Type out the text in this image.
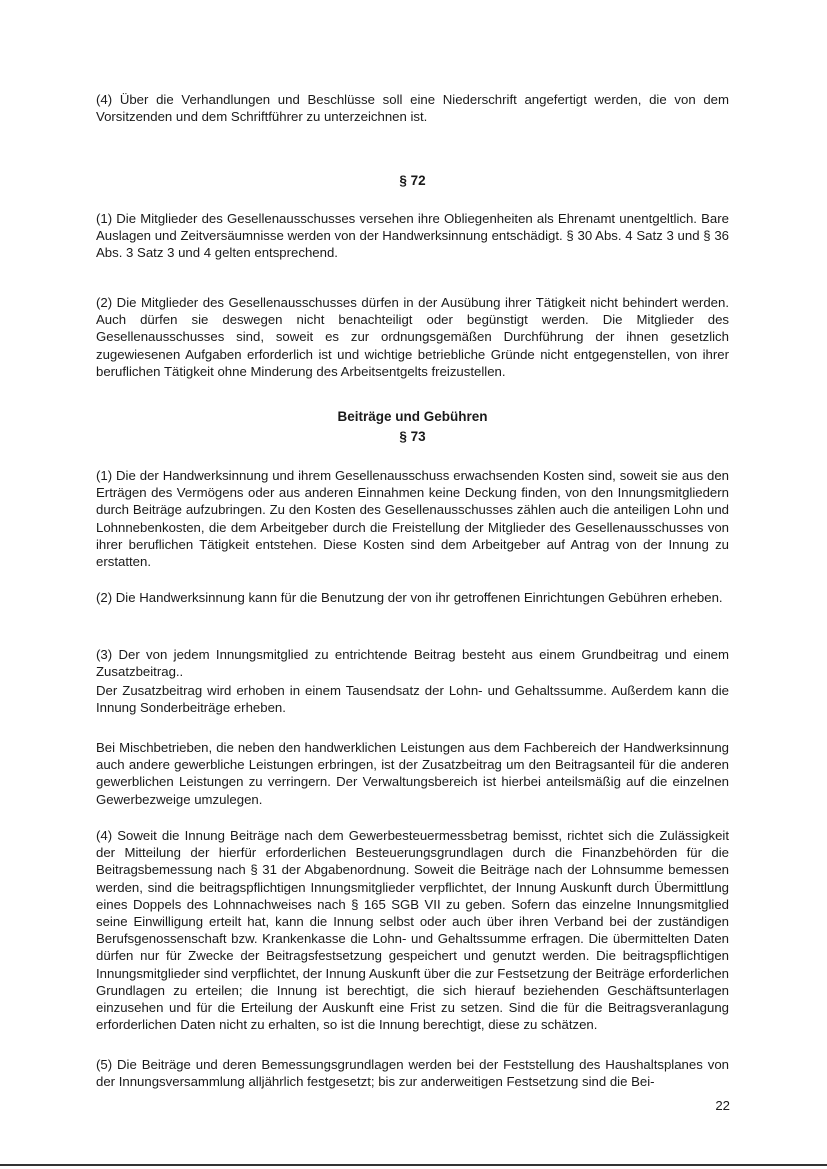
(4) Über die Verhandlungen und Beschlüsse soll eine Niederschrift angefertigt werden, die von dem Vorsitzenden und dem Schriftführer zu unterzeichnen ist.

§ 72

(1) Die Mitglieder des Gesellenausschusses versehen ihre Obliegenheiten als Ehrenamt unentgeltlich. Bare Auslagen und Zeitversäumnisse werden von der Handwerksinnung entschädigt. § 30 Abs. 4 Satz 3 und § 36 Abs. 3 Satz 3 und 4 gelten entsprechend.

(2) Die Mitglieder des Gesellenausschusses dürfen in der Ausübung ihrer Tätigkeit nicht behindert werden. Auch dürfen sie deswegen nicht benachteiligt oder begünstigt werden. Die Mitglieder des Gesellenausschusses sind, soweit es zur ordnungsgemäßen Durchführung der ihnen gesetzlich zugewiesenen Aufgaben erforderlich ist und wichtige betriebliche Gründe nicht entgegenstellen, von ihrer beruflichen Tätigkeit ohne Minderung des Arbeitsentgelts freizustellen.

Beiträge und Gebühren

§ 73

(1) Die der Handwerksinnung und ihrem Gesellenausschuss erwachsenden Kosten sind, soweit sie aus den Erträgen des Vermögens oder aus anderen Einnahmen keine Deckung finden, von den Innungsmitgliedern durch Beiträge aufzubringen. Zu den Kosten des Gesellenausschusses zählen auch die anteiligen Lohn und Lohnnebenkosten, die dem Arbeitgeber durch die Freistellung der Mitglieder des Gesellenausschusses von ihrer beruflichen Tätigkeit entstehen. Diese Kosten sind dem Arbeitgeber auf Antrag von der Innung zu erstatten.

(2) Die Handwerksinnung kann für die Benutzung der von ihr getroffenen Einrichtungen Gebühren erheben.

(3) Der von jedem Innungsmitglied zu entrichtende Beitrag besteht aus einem Grundbeitrag und einem Zusatzbeitrag..

Der Zusatzbeitrag wird erhoben in einem Tausendsatz der Lohn- und Gehaltssumme. Außerdem kann die Innung Sonderbeiträge erheben.

Bei Mischbetrieben, die neben den handwerklichen Leistungen aus dem Fachbereich der Handwerksinnung auch andere gewerbliche Leistungen erbringen, ist der Zusatzbeitrag um den Beitragsanteil für die anderen gewerblichen Leistungen zu verringern. Der Verwaltungsbereich ist hierbei anteilsmäßig auf die einzelnen Gewerbezweige umzulegen.

(4) Soweit die Innung Beiträge nach dem Gewerbesteuermessbetrag bemisst, richtet sich die Zulässigkeit der Mitteilung der hierfür erforderlichen Besteuerungsgrundlagen durch die Finanzbehörden für die Beitragsbemessung nach § 31 der Abgabenordnung. Soweit die Beiträge nach der Lohnsumme bemessen werden, sind die beitragspflichtigen Innungsmitglieder verpflichtet, der Innung Auskunft durch Übermittlung eines Doppels des Lohnnachweises nach § 165 SGB VII zu geben. Sofern das einzelne Innungsmitglied seine Einwilligung erteilt hat, kann die Innung selbst oder auch über ihren Verband bei der zuständigen Berufsgenossenschaft bzw. Krankenkasse die Lohn- und Gehaltssumme erfragen. Die übermittelten Daten dürfen nur für Zwecke der Beitragsfestsetzung gespeichert und genutzt werden. Die beitragspflichtigen Innungsmitglieder sind verpflichtet, der Innung Auskunft über die zur Festsetzung der Beiträge erforderlichen Grundlagen zu erteilen; die Innung ist berechtigt, die sich hierauf beziehenden Geschäftsunterlagen einzusehen und für die Erteilung der Auskunft eine Frist zu setzen. Sind die für die Beitragsveranlagung erforderlichen Daten nicht zu erhalten, so ist die Innung berechtigt, diese zu schätzen.

(5) Die Beiträge und deren Bemessungsgrundlagen werden bei der Feststellung des Haushaltsplanes von der Innungsversammlung alljährlich festgesetzt; bis zur anderweitigen Festsetzung sind die Bei-

22
